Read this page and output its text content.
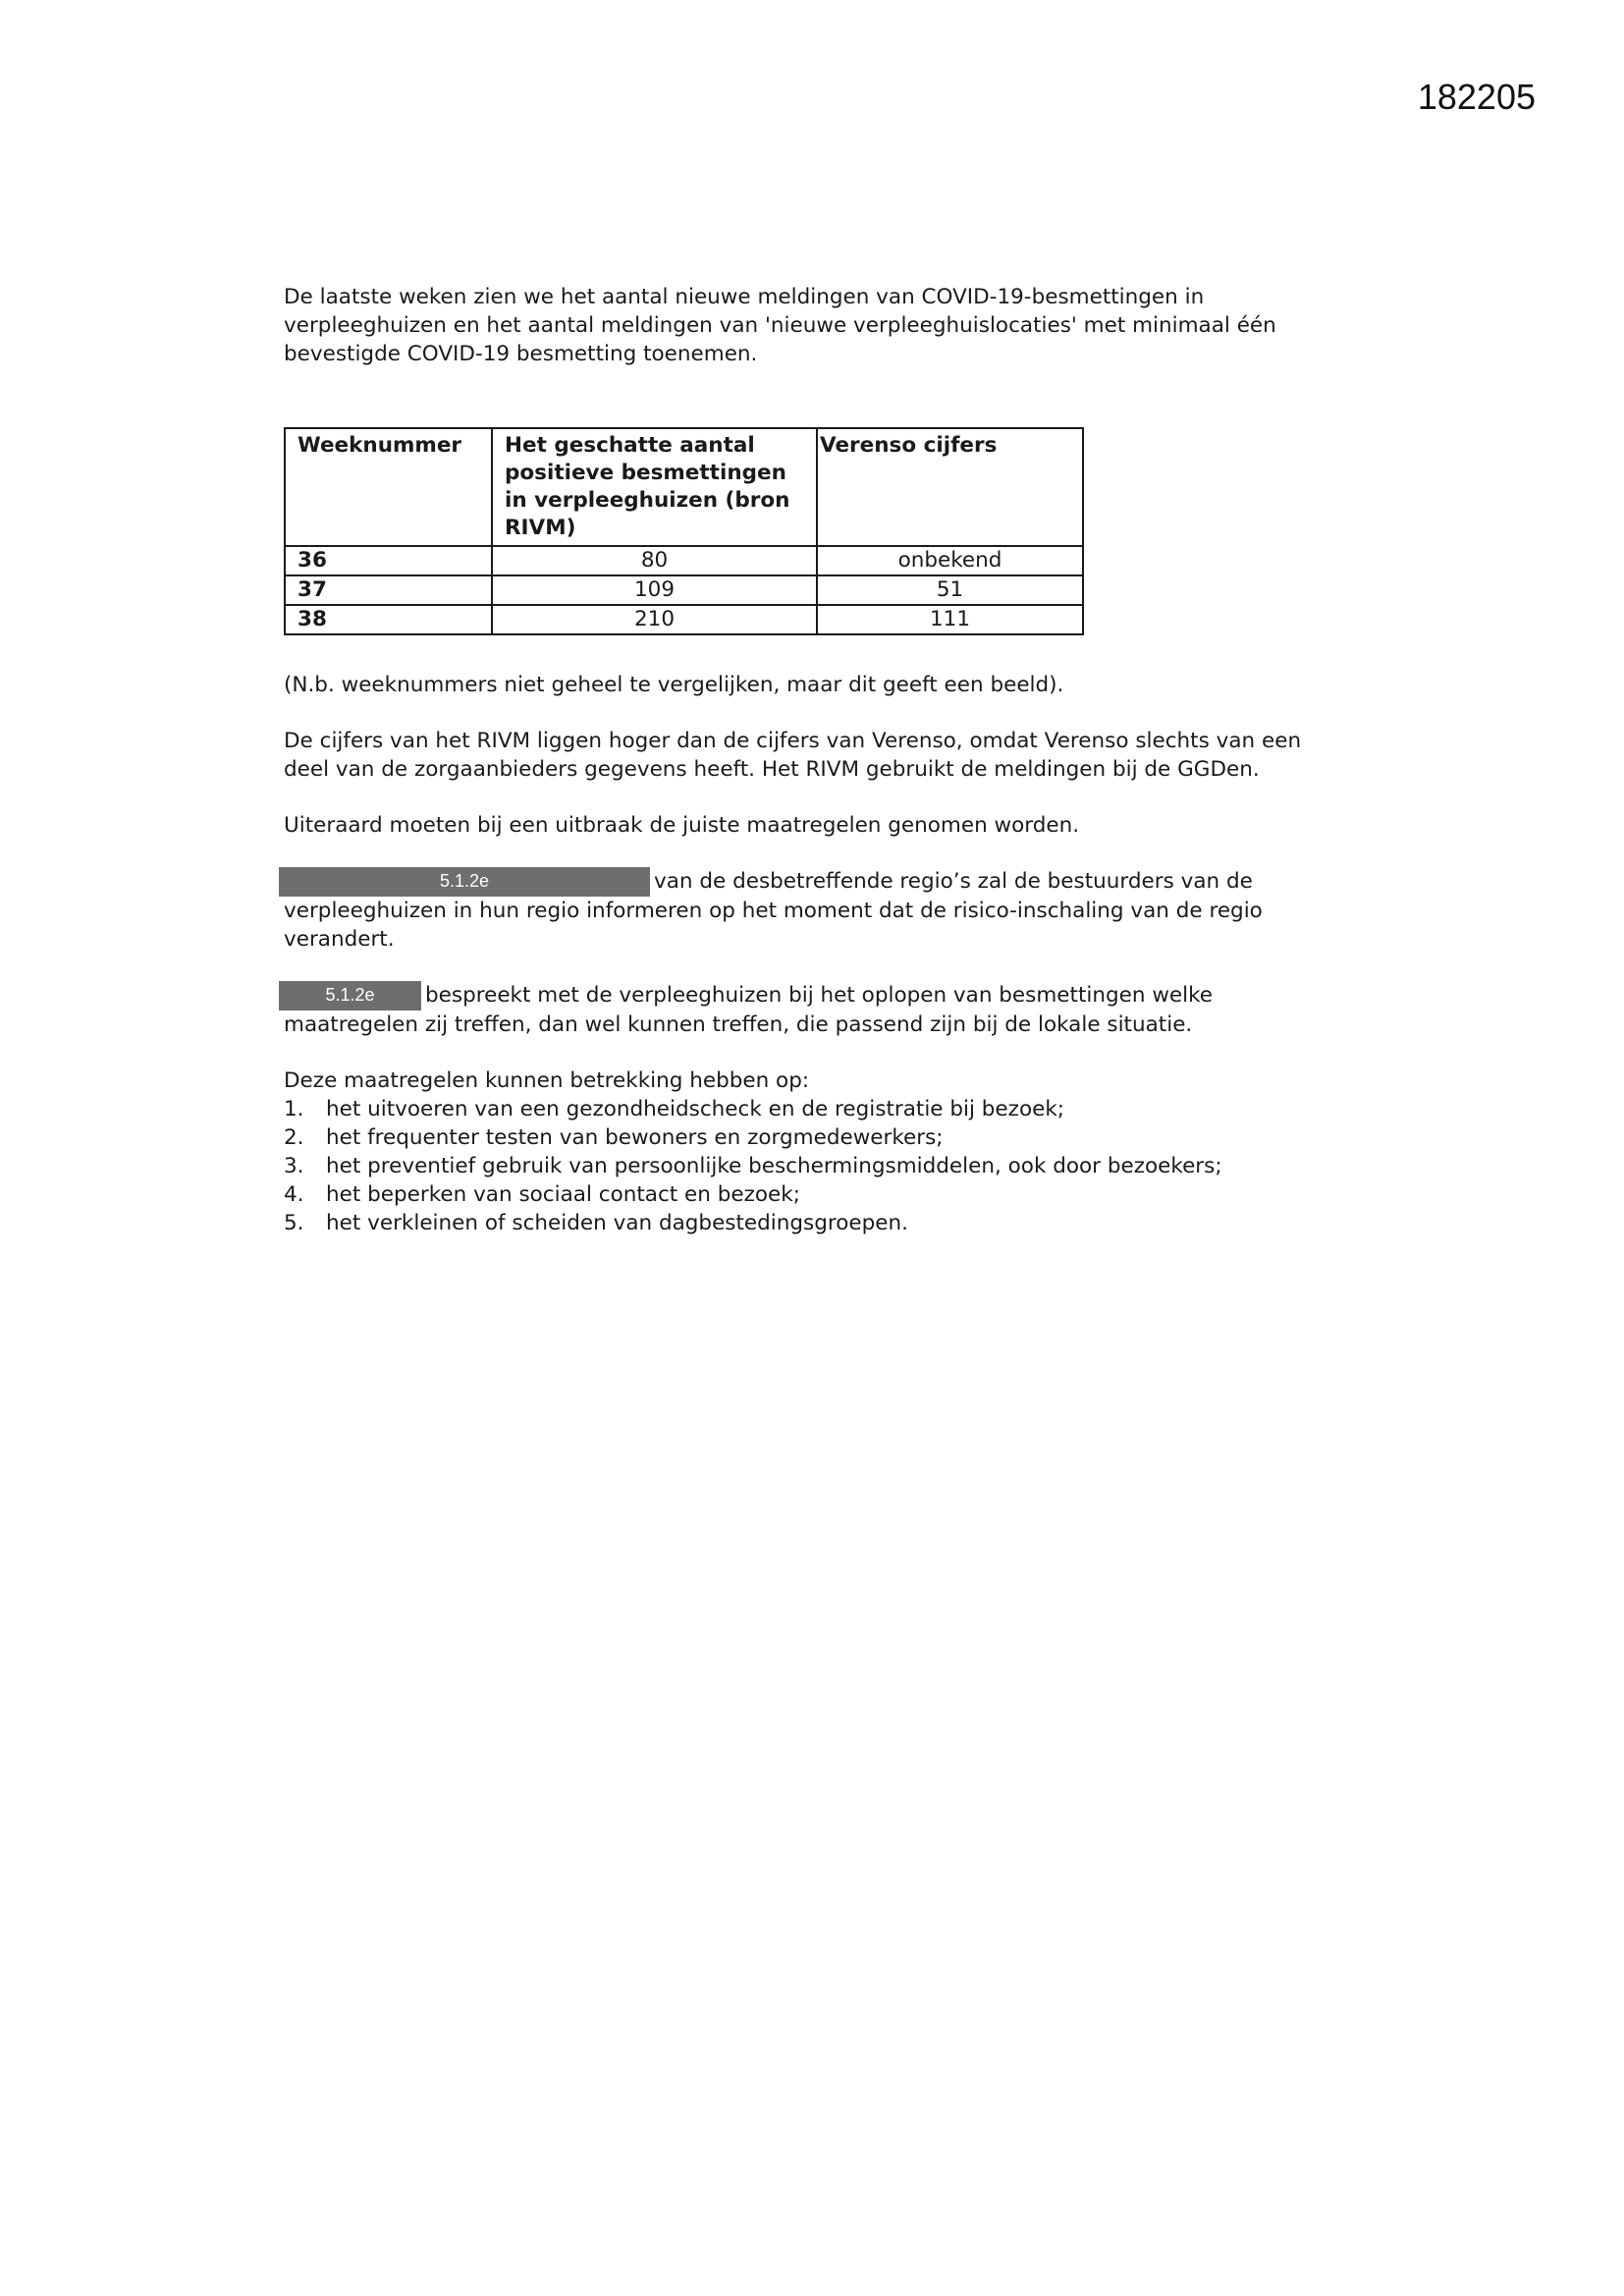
182205

De laatste weken zien we het aantal nieuwe meldingen van COVID-19-besmettingen in verpleeghuizen en het aantal meldingen van 'nieuwe verpleeghuislocaties' met minimaal één bevestigde COVID-19 besmetting toenemen.

Weeknummer	Het geschatte aantal positieve besmettingen in verpleeghuizen (bron RIVM)	Verenso cijfers
36	80	onbekend
37	109	51
38	210	111

(N.b. weeknummers niet geheel te vergelijken, maar dit geeft een beeld).

De cijfers van het RIVM liggen hoger dan de cijfers van Verenso, omdat Verenso slechts van een deel van de zorgaanbieders gegevens heeft. Het RIVM gebruikt de meldingen bij de GGDen.

Uiteraard moeten bij een uitbraak de juiste maatregelen genomen worden.

5.1.2e	van de desbetreffende regio’s zal de bestuurders van de verpleeghuizen in hun regio informeren op het moment dat de risico-inschaling van de regio verandert.

5.1.2e bespreekt met de verpleeghuizen bij het oplopen van besmettingen welke maatregelen zij treffen, dan wel kunnen treffen, die passend zijn bij de lokale situatie.

Deze maatregelen kunnen betrekking hebben op:

1.	het uitvoeren van een gezondheidscheck en de registratie bij bezoek;
2.	het frequenter testen van bewoners en zorgmedewerkers;
3.	het preventief gebruik van persoonlijke beschermingsmiddelen, ook door bezoekers;
4.	het beperken van sociaal contact en bezoek;
5.	het verkleinen of scheiden van dagbestedingsgroepen.
